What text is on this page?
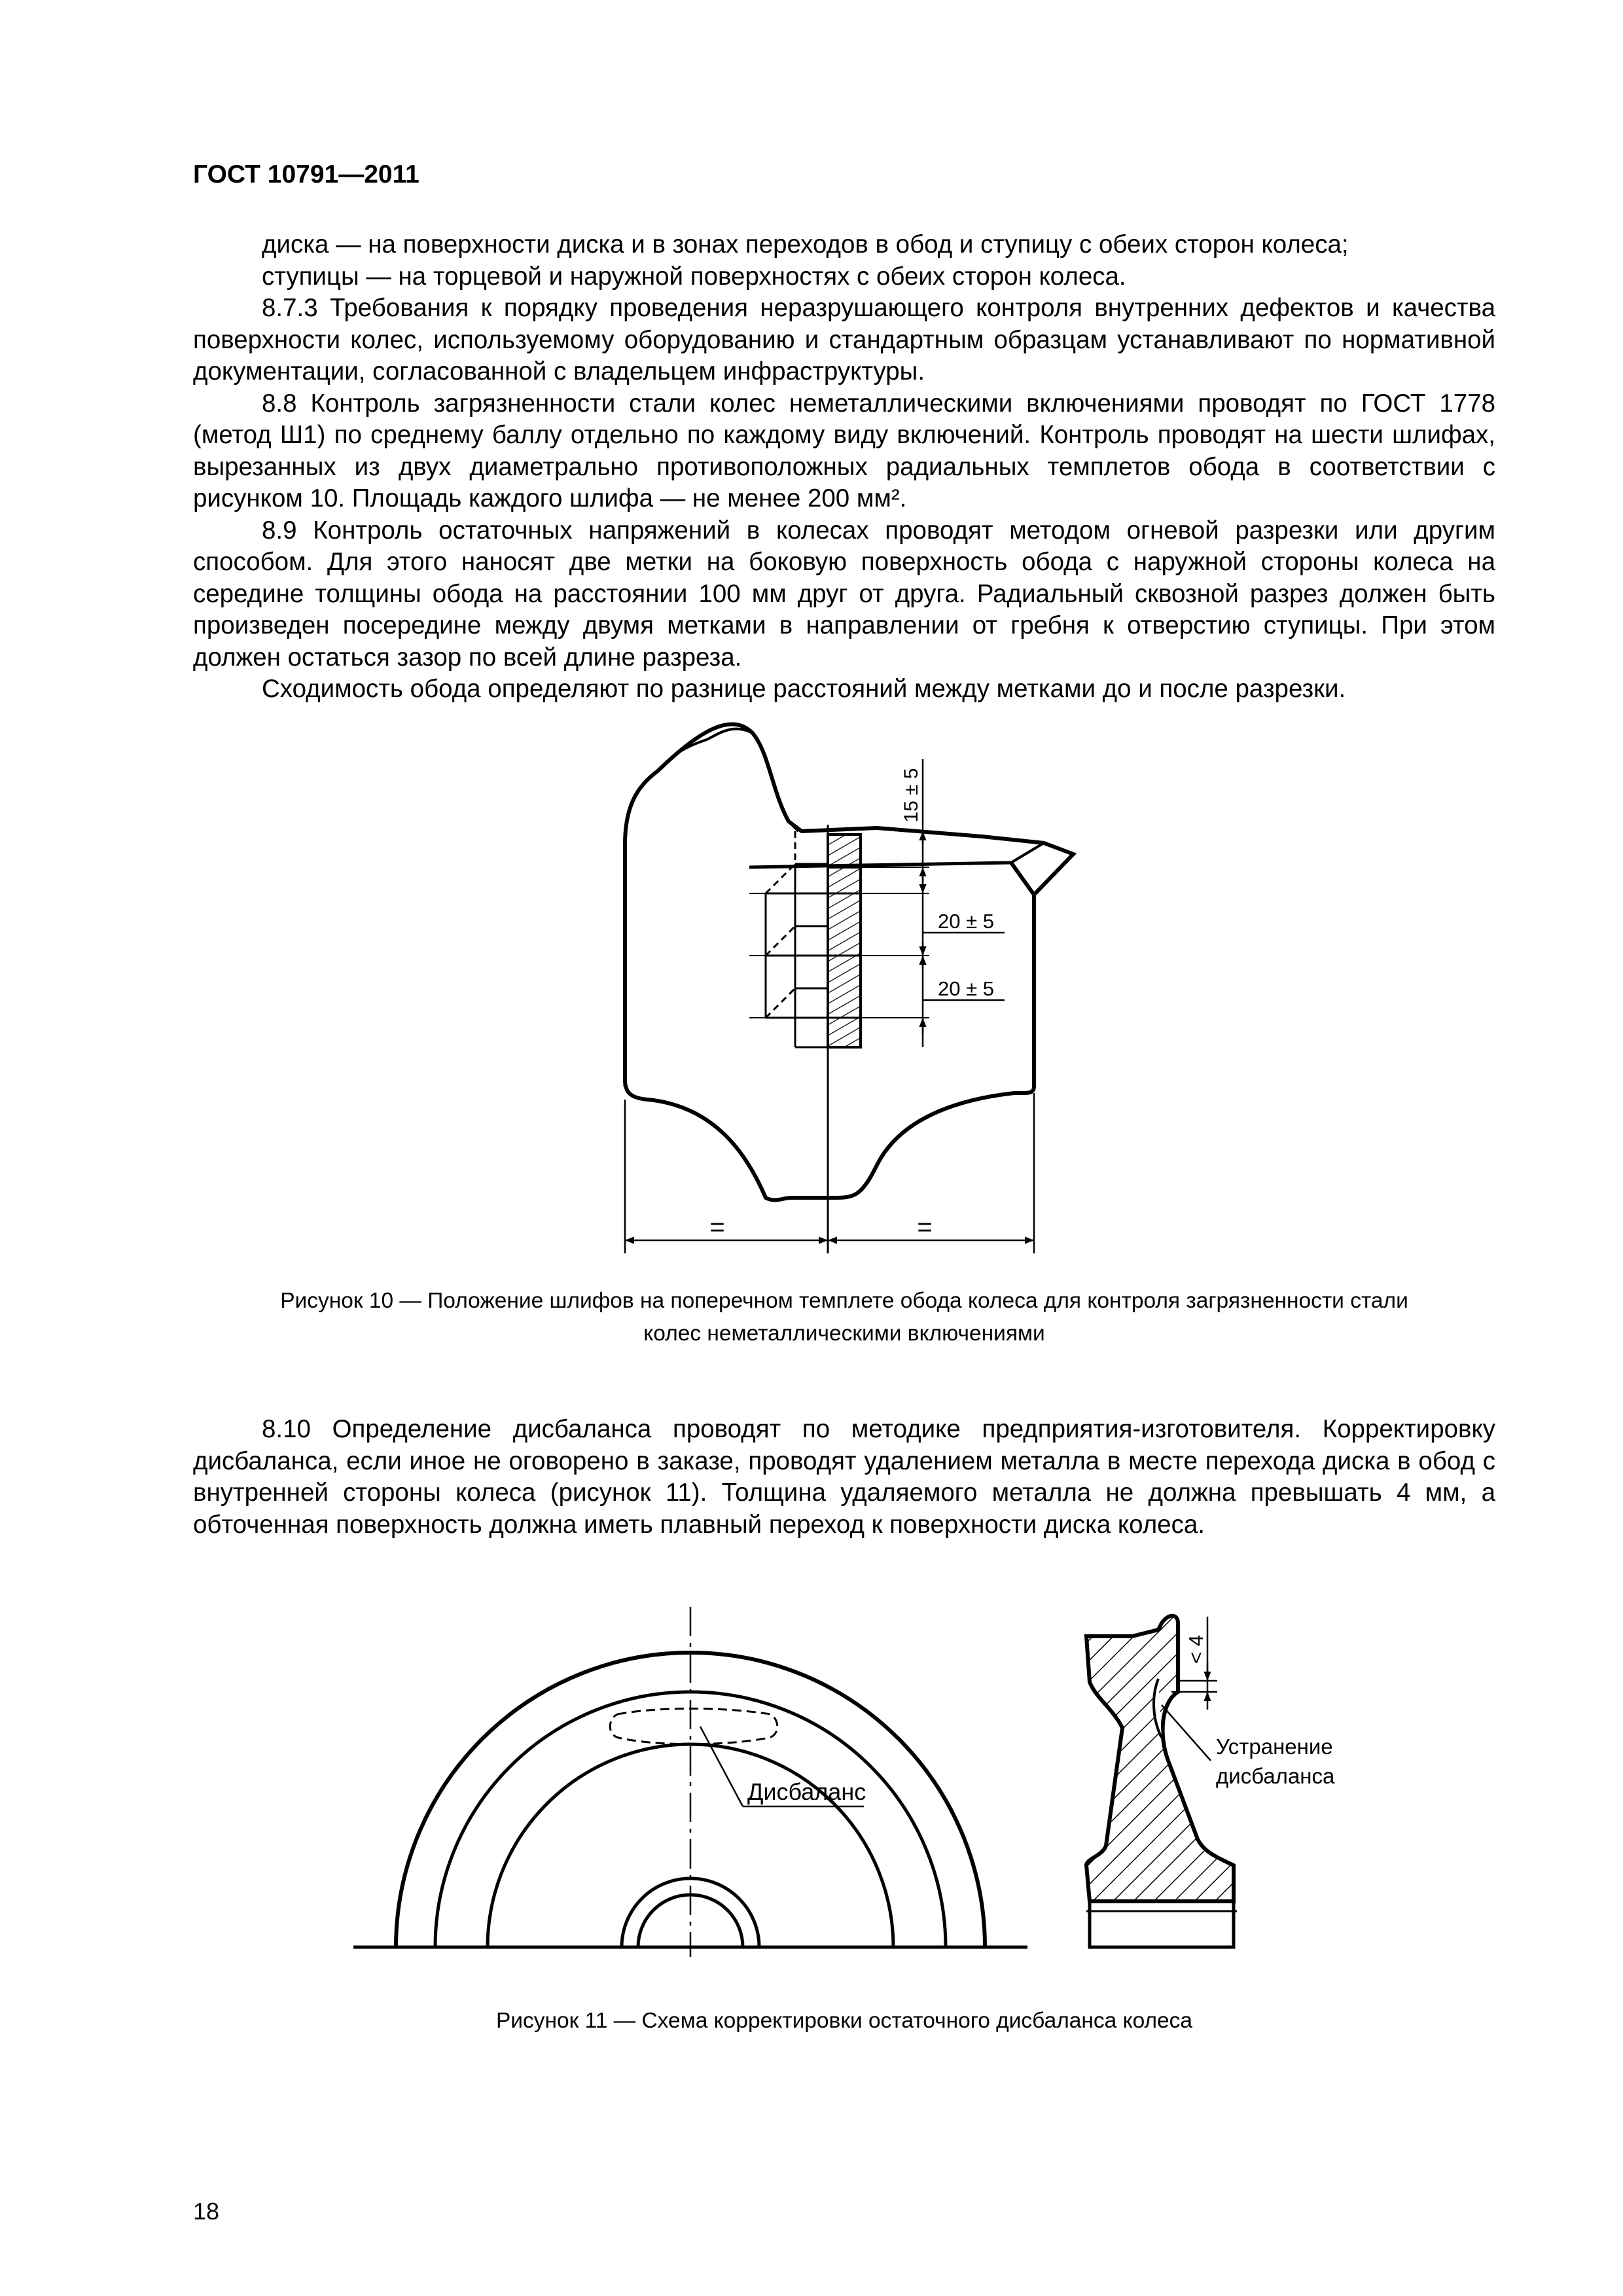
ГОСТ 10791—2011

диска — на поверхности диска и в зонах переходов в обод и ступицу с обеих сторон колеса;

ступицы — на торцевой и наружной поверхностях с обеих сторон колеса.

8.7.3 Требования к порядку проведения неразрушающего контроля внутренних дефектов и качества поверхности колес, используемому оборудованию и стандартным образцам устанавливают по нормативной документации, согласованной с владельцем инфраструктуры.

8.8 Контроль загрязненности стали колес неметаллическими включениями проводят по ГОСТ 1778 (метод Ш1) по среднему баллу отдельно по каждому виду включений. Контроль проводят на шести шлифах, вырезанных из двух диаметрально противоположных радиальных темплетов обода в соответствии с рисунком 10. Площадь каждого шлифа — не менее 200 мм².

8.9 Контроль остаточных напряжений в колесах проводят методом огневой разрезки или другим способом. Для этого наносят две метки на боковую поверхность обода с наружной стороны колеса на середине толщины обода на расстоянии 100 мм друг от друга. Радиальный сквозной разрез должен быть произведен посередине между двумя метками в направлении от гребня к отверстию ступицы. При этом должен остаться зазор по всей длине разреза.

Сходимость обода определяют по разнице расстояний между метками до и после разрезки.

15 ± 5
20 ± 5
20 ± 5
=	=
Дисбаланс
< 4
Устранение
дисбаланса
Рисунок 10 — Положение шлифов на поперечном темплете обода колеса для контроля загрязненности стали
колес неметаллическими включениями

8.10 Определение дисбаланса проводят по методике предприятия-изготовителя. Корректировку дисбаланса, если иное не оговорено в заказе, проводят удалением металла в месте перехода диска в обод с внутренней стороны колеса (рисунок 11). Толщина удаляемого металла не должна превышать 4 мм, а обточенная поверхность должна иметь плавный переход к поверхности диска колеса.

Рисунок 11 — Схема корректировки остаточного дисбаланса колеса
18
